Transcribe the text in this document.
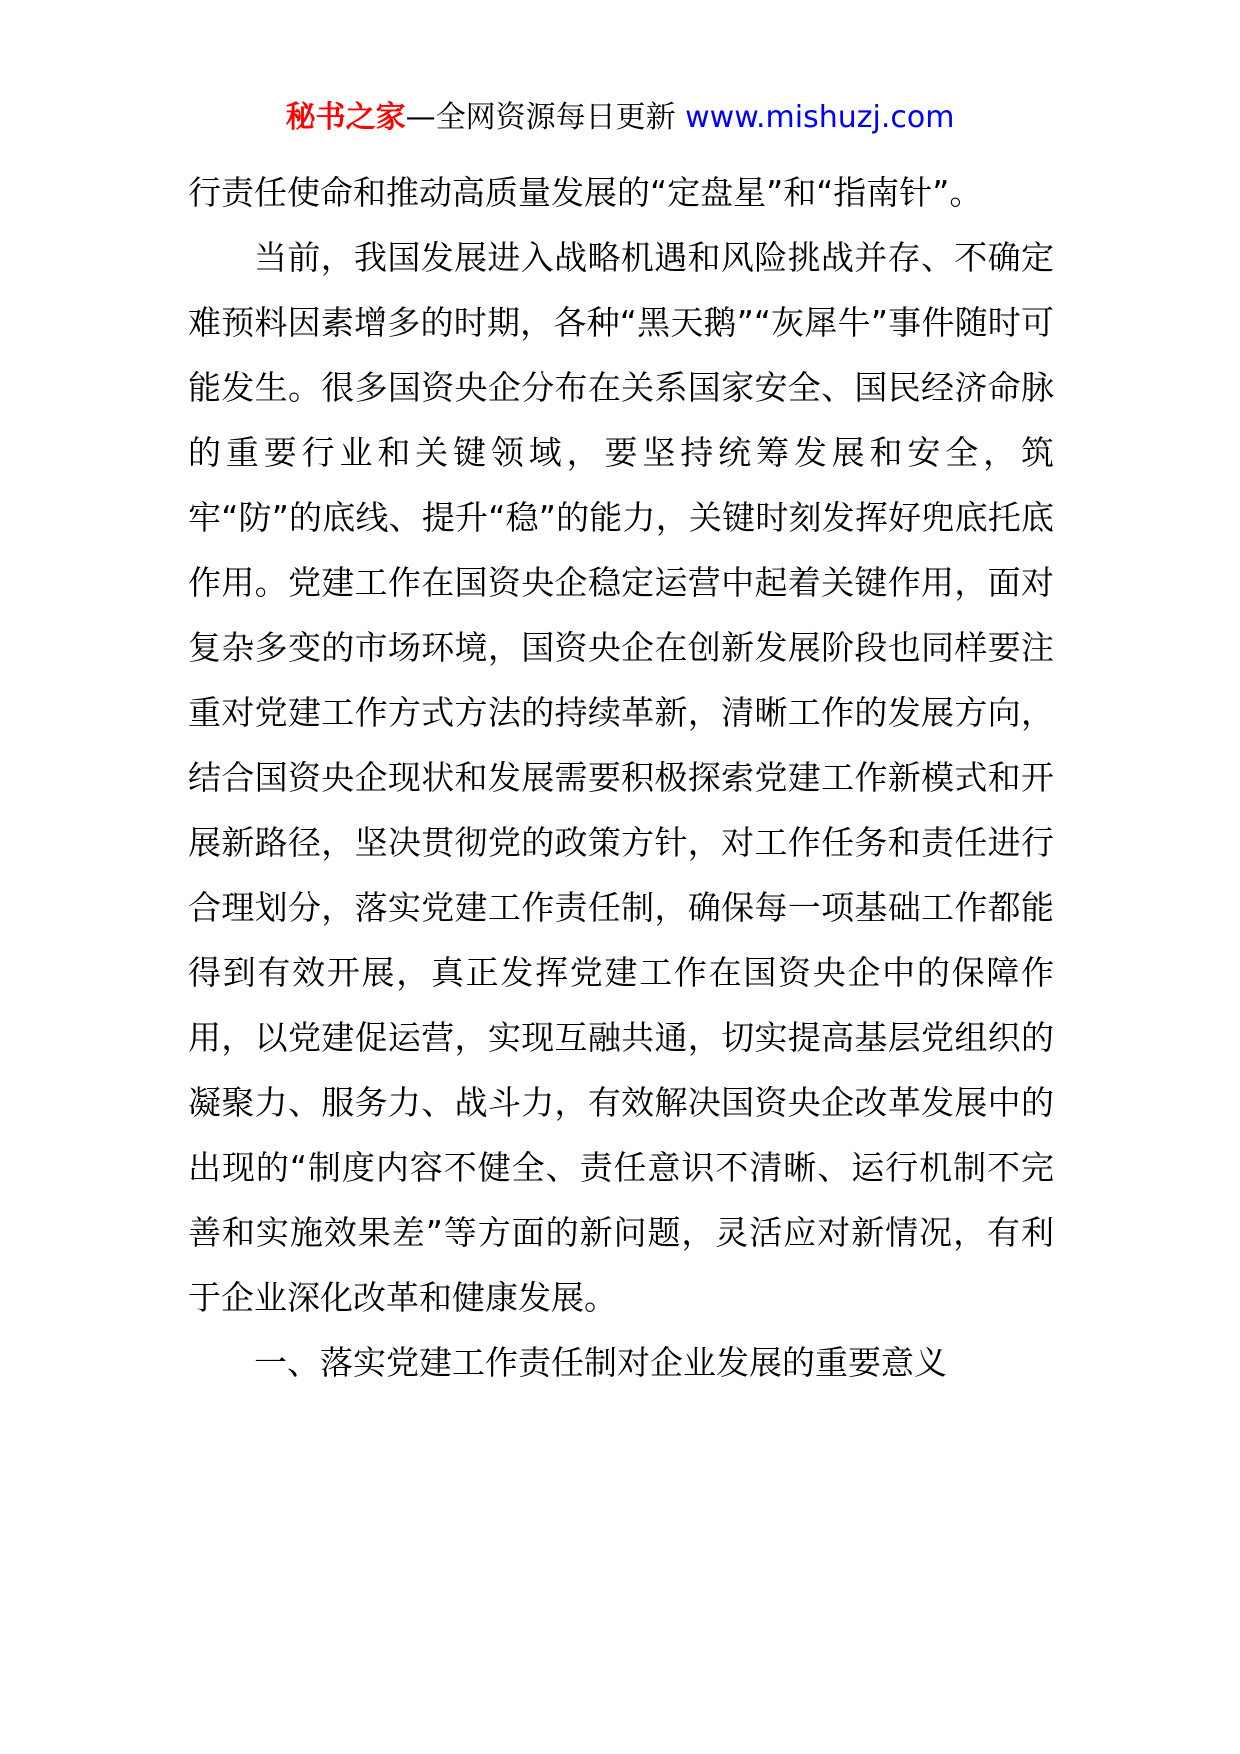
秘书之家—全网资源每日更新 www.mishuzj.com

行责任使命和推动高质量发展的“定盘星”和“指南针”。

当前，我国发展进入战略机遇和风险挑战并存、不确定难预料因素增多的时期，各种“黑天鹅”“灰犀牛”事件随时可能发生。很多国资央企分布在关系国家安全、国民经济命脉的重要行业和关键领域，要坚持统筹发展和安全，筑牢“防”的底线、提升“稳”的能力，关键时刻发挥好兜底托底作用。党建工作在国资央企稳定运营中起着关键作用，面对复杂多变的市场环境，国资央企在创新发展阶段也同样要注重对党建工作方式方法的持续革新，清晰工作的发展方向，结合国资央企现状和发展需要积极探索党建工作新模式和开展新路径，坚决贯彻党的政策方针，对工作任务和责任进行合理划分，落实党建工作责任制，确保每一项基础工作都能得到有效开展，真正发挥党建工作在国资央企中的保障作用，以党建促运营，实现互融共通，切实提高基层党组织的凝聚力、服务力、战斗力，有效解决国资央企改革发展中的出现的“制度内容不健全、责任意识不清晰、运行机制不完善和实施效果差”等方面的新问题，灵活应对新情况，有利于企业深化改革和健康发展。

一、落实党建工作责任制对企业发展的重要意义
